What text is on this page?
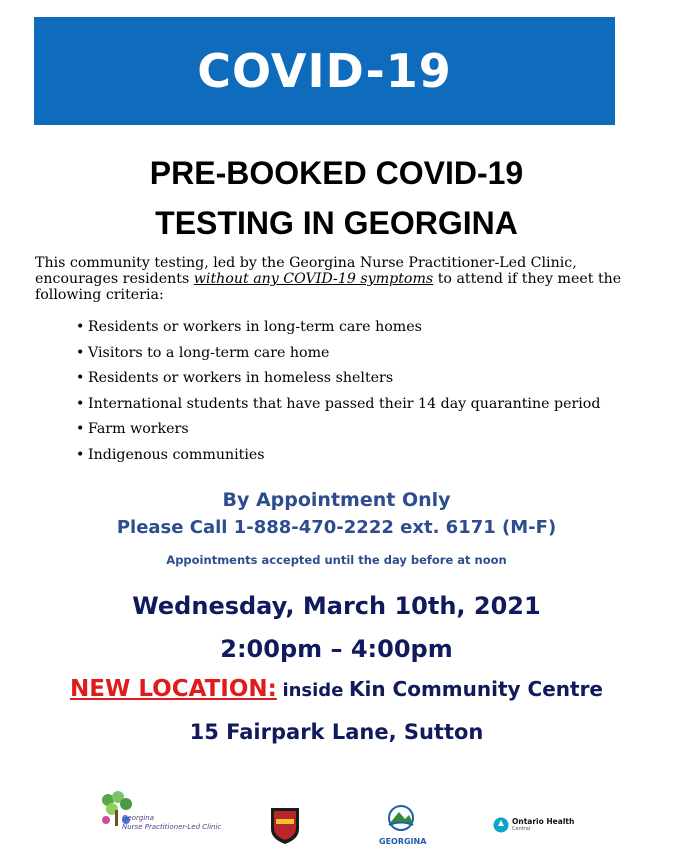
COVID-19
PRE-BOOKED COVID-19
TESTING IN GEORGINA
This community testing, led by the Georgina Nurse Practitioner-Led Clinic, encourages residents without any COVID-19 symptoms to attend if they meet the following criteria:
• Residents or workers in long-term care homes
• Visitors to a long-term care home
• Residents or workers in homeless shelters
• International students that have passed their 14 day quarantine period
• Farm workers
• Indigenous communities
By Appointment Only
Please Call 1-888-470-2222 ext. 6171 (M-F)
Appointments accepted until the day before at noon
Wednesday, March 10th, 2021
2:00pm – 4:00pm
NEW LOCATION: inside Kin Community Centre
15 Fairpark Lane, Sutton
Georgina
Nurse Practitioner-Led Clinic
GEORGINA
Ontario Health
Central
